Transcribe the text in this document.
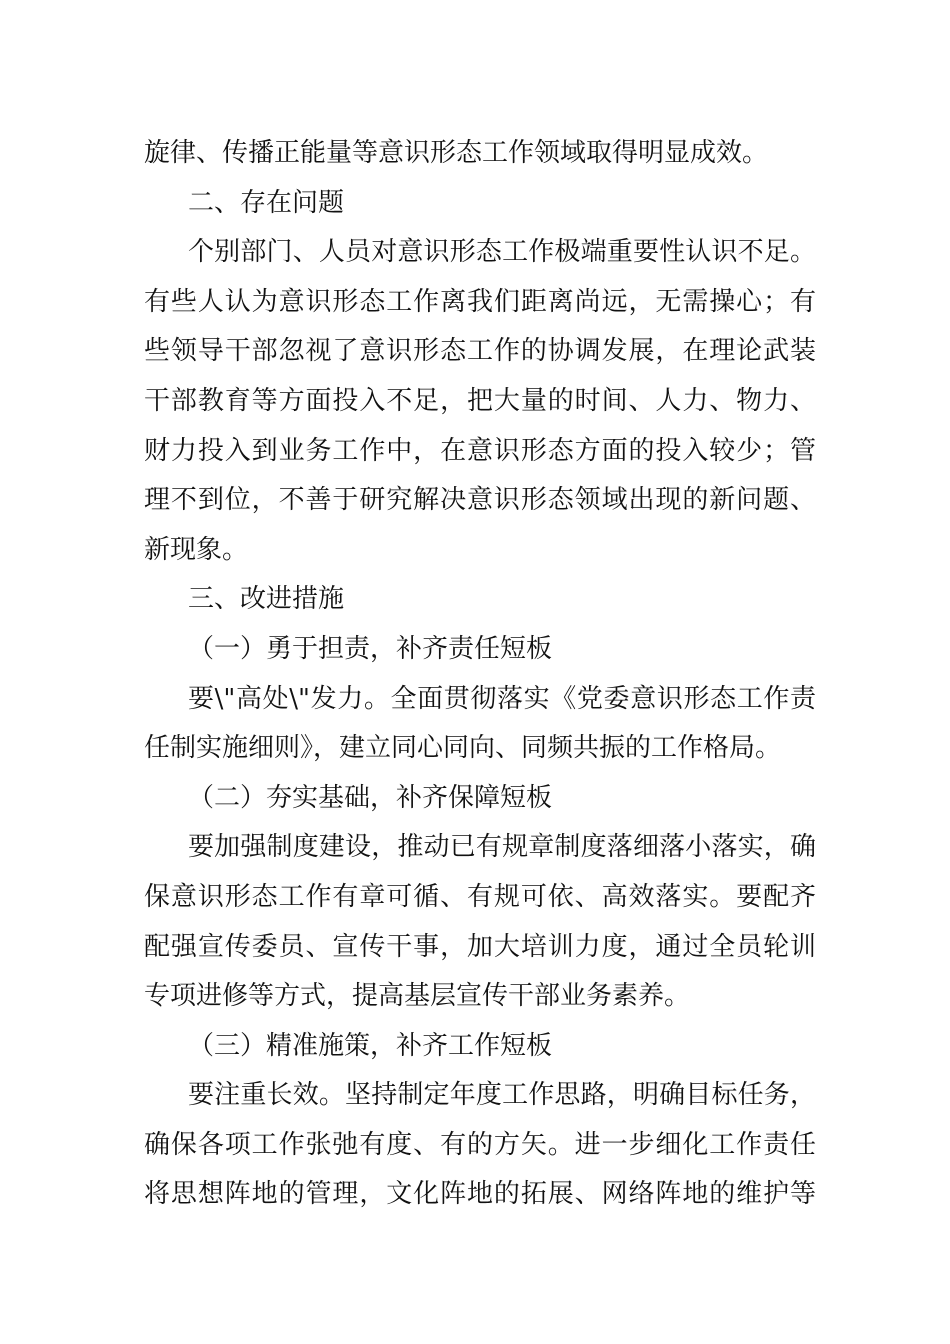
旋律、传播正能量等意识形态工作领域取得明显成效。
二、存在问题
个别部门、人员对意识形态工作极端重要性认识不足。
有些人认为意识形态工作离我们距离尚远，无需操心；有
些领导干部忽视了意识形态工作的协调发展，在理论武装
干部教育等方面投入不足，把大量的时间、人力、物力、
财力投入到业务工作中，在意识形态方面的投入较少；管
理不到位，不善于研究解决意识形态领域出现的新问题、
新现象。
三、改进措施
（一）勇于担责，补齐责任短板
要\"高处\"发力。全面贯彻落实《党委意识形态工作责
任制实施细则》，建立同心同向、同频共振的工作格局。
（二）夯实基础，补齐保障短板
要加强制度建设，推动已有规章制度落细落小落实，确
保意识形态工作有章可循、有规可依、高效落实。要配齐
配强宣传委员、宣传干事，加大培训力度，通过全员轮训
专项进修等方式，提高基层宣传干部业务素养。
（三）精准施策，补齐工作短板
要注重长效。坚持制定年度工作思路，明确目标任务，
确保各项工作张弛有度、有的方矢。进一步细化工作责任
将思想阵地的管理，文化阵地的拓展、网络阵地的维护等
